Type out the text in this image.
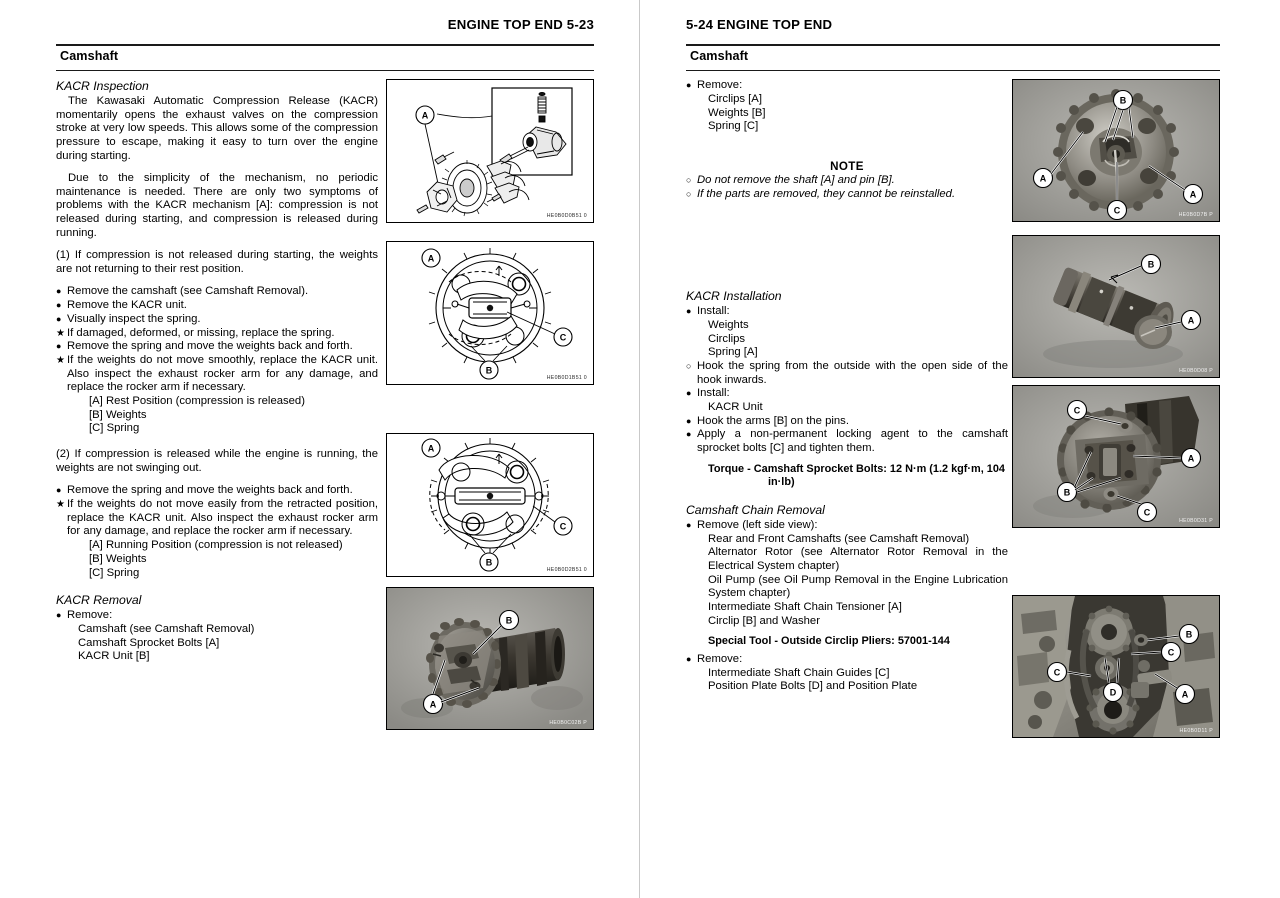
ENGINE TOP END 5-23
Camshaft
KACR Inspection

The Kawasaki Automatic Compression Release (KACR) momentarily opens the exhaust valves on the compression stroke at very low speeds. This allows some of the compression pressure to escape, making it easy to turn over the engine during starting.

Due to the simplicity of the mechanism, no periodic maintenance is needed. There are only two symptoms of problems with the KACR mechanism [A]: compression is not released during starting, and compression is released during running.

(1) If compression is not released during starting, the weights are not returning to their rest position.

● Remove the camshaft (see Camshaft Removal).
● Remove the KACR unit.
● Visually inspect the spring.
★ If damaged, deformed, or missing, replace the spring.
● Remove the spring and move the weights back and forth.
★ If the weights do not move smoothly, replace the KACR unit. Also inspect the exhaust rocker arm for any damage, and replace the rocker arm if necessary.
[A] Rest Position (compression is released)
[B] Weights
[C] Spring

(2) If compression is released while the engine is running, the weights are not swinging out.

● Remove the spring and move the weights back and forth.
★ If the weights do not move easily from the retracted position, replace the KACR unit. Also inspect the exhaust rocker arm for any damage, and replace the rocker arm if necessary.
[A] Running Position (compression is not released)
[B] Weights
[C] Spring
KACR Removal
● Remove:
Camshaft (see Camshaft Removal)
Camshaft Sprocket Bolts [A]
KACR Unit [B]
A
HE0B0D0B51 0
A
B
C
HE0B0D1B51 0
A
B
C
HE0B0D2B51 0
B
A
HE0B0C02B P
5-24 ENGINE TOP END
Camshaft
● Remove:
Circlips [A]
Weights [B]
Spring [C]
NOTE
○ Do not remove the shaft [A] and pin [B].
○ If the parts are removed, they cannot be reinstalled.
KACR Installation
● Install:
Weights
Circlips
Spring [A]
○ Hook the spring from the outside with the open side of the hook inwards.
● Install:
KACR Unit
● Hook the arms [B] on the pins.
● Apply a non-permanent locking agent to the camshaft sprocket bolts [C] and tighten them.
Torque - Camshaft Sprocket Bolts: 12 N·m (1.2 kgf·m, 104
in·lb)
Camshaft Chain Removal
● Remove (left side view):
Rear and Front Camshafts (see Camshaft Removal)
Alternator Rotor (see Alternator Rotor Removal in the Electrical System chapter)
Oil Pump (see Oil Pump Removal in the Engine Lubrication System chapter)
Intermediate Shaft Chain Tensioner [A]
Circlip [B] and Washer
Special Tool - Outside Circlip Pliers: 57001-144
● Remove:
Intermediate Shaft Chain Guides [C]
Position Plate Bolts [D] and Position Plate
B
A
A
C	HE0B0D7B P
B
A
HE0B0D08 P
C
A
B
C
HE0B0D31 P
B
C
C
D	A
HE0B0D11 P
